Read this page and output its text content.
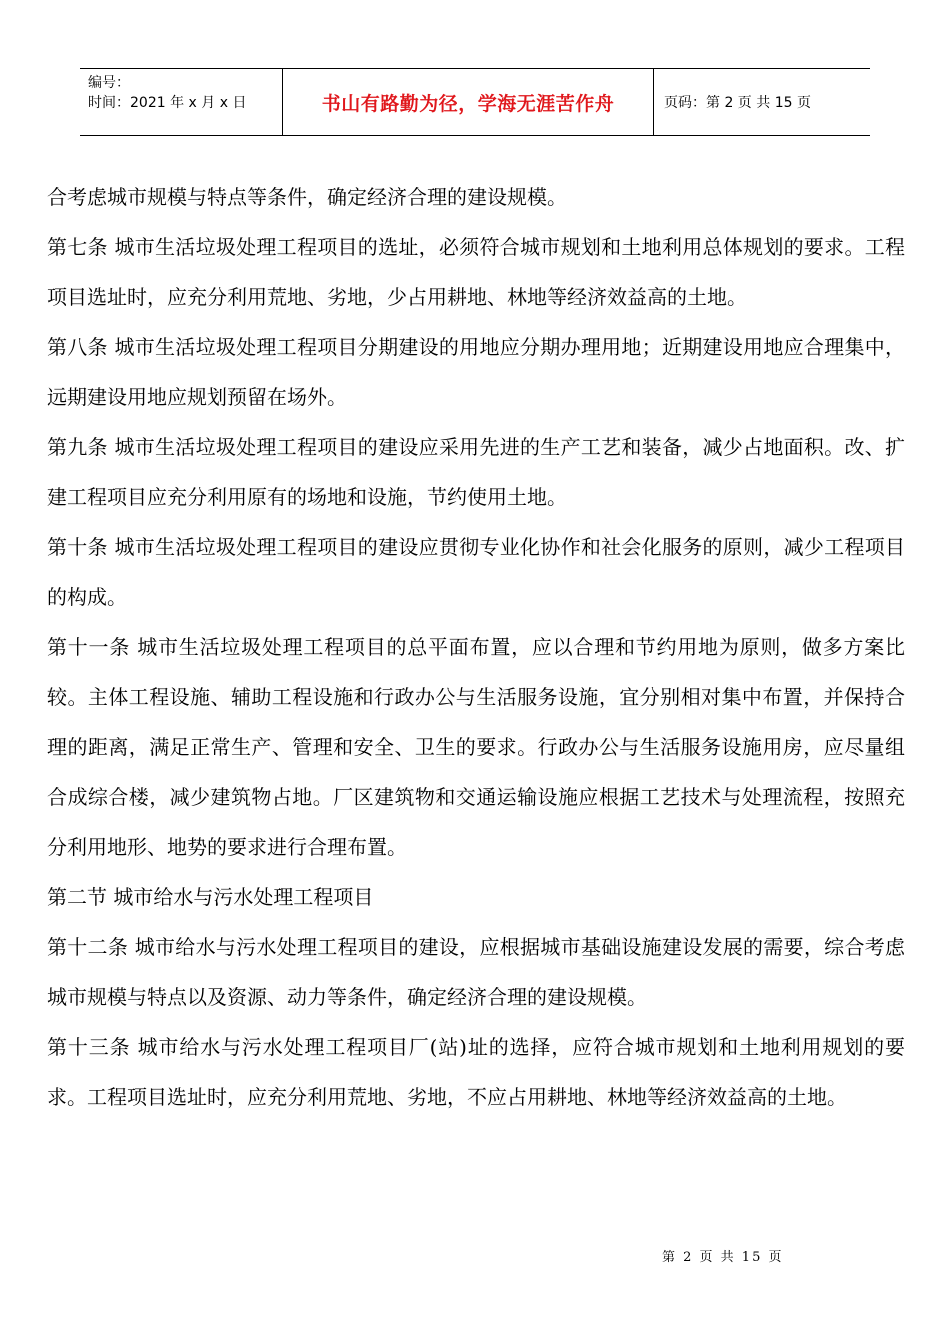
编号：
时间：2021 年 x 月 x 日	书山有路勤为径，学海无涯苦作舟	页码：第 2 页 共 15 页

合考虑城市规模与特点等条件，确定经济合理的建设规模。

第七条 城市生活垃圾处理工程项目的选址，必须符合城市规划和土地利用总体规划的要求。工程项目选址时，应充分利用荒地、劣地，少占用耕地、林地等经济效益高的土地。

第八条 城市生活垃圾处理工程项目分期建设的用地应分期办理用地；近期建设用地应合理集中，远期建设用地应规划预留在场外。

第九条 城市生活垃圾处理工程项目的建设应采用先进的生产工艺和装备，减少占地面积。改、扩建工程项目应充分利用原有的场地和设施，节约使用土地。

第十条 城市生活垃圾处理工程项目的建设应贯彻专业化协作和社会化服务的原则，减少工程项目的构成。

第十一条 城市生活垃圾处理工程项目的总平面布置，应以合理和节约用地为原则，做多方案比较。主体工程设施、辅助工程设施和行政办公与生活服务设施，宜分别相对集中布置，并保持合理的距离，满足正常生产、管理和安全、卫生的要求。行政办公与生活服务设施用房，应尽量组合成综合楼，减少建筑物占地。厂区建筑物和交通运输设施应根据工艺技术与处理流程，按照充分利用地形、地势的要求进行合理布置。

第二节 城市给水与污水处理工程项目

第十二条 城市给水与污水处理工程项目的建设，应根据城市基础设施建设发展的需要，综合考虑城市规模与特点以及资源、动力等条件，确定经济合理的建设规模。

第十三条 城市给水与污水处理工程项目厂(站)址的选择，应符合城市规划和土地利用规划的要求。工程项目选址时，应充分利用荒地、劣地，不应占用耕地、林地等经济效益高的土地。

第 2 页 共 15 页
